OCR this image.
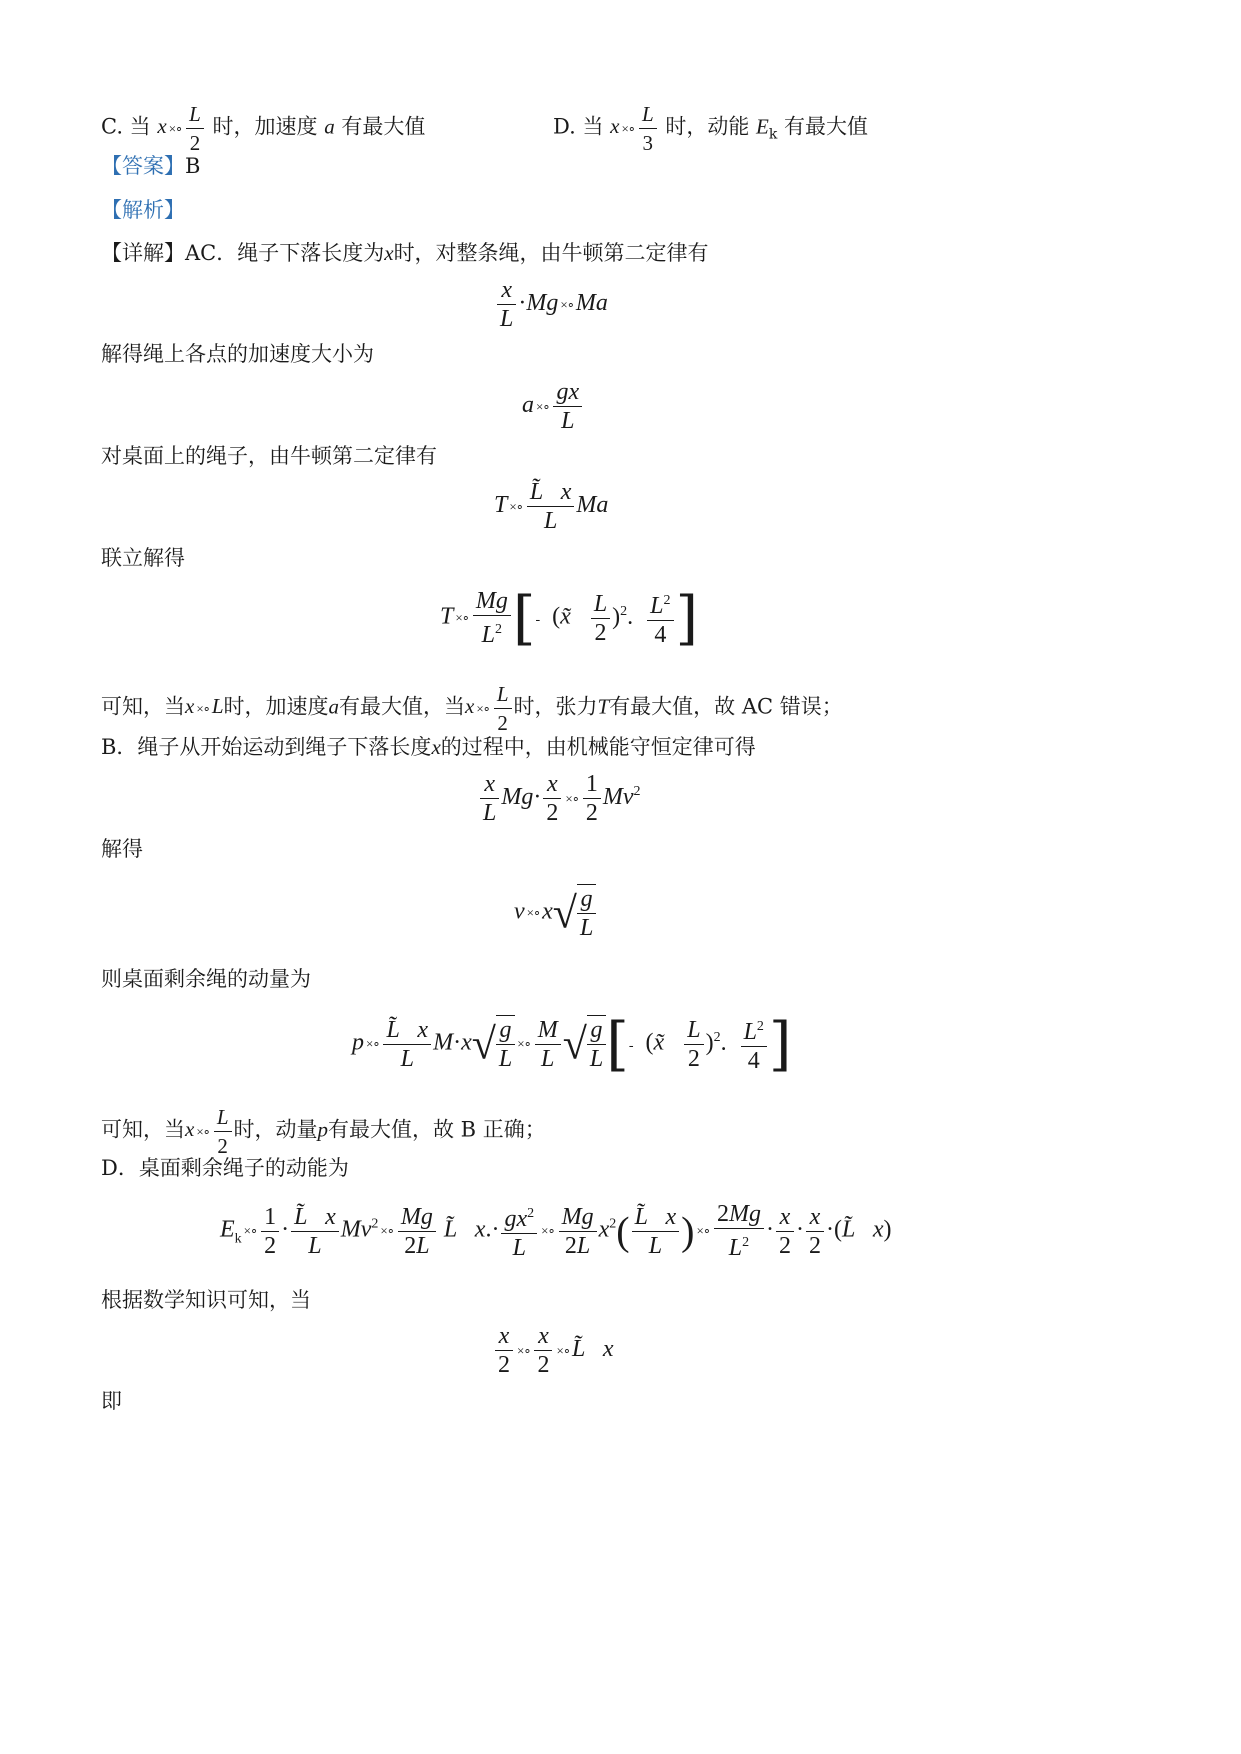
C. 当 x ×∘ $\frac{L}{2}$ 时，加速度 a 有最大值	D. 当 x ×∘ $\frac{L}{3}$ 时，动能 $E_k$ 有最大值
【答案】B
【解析】
【详解】AC．绳子下落长度为x时，对整条绳，由牛顿第二定律有
$\frac{x}{L} \cdot Mg$ ×∘Ma
解得绳上各点的加速度大小为
a ×∘ $\frac{gx}{L}$
对桌面上的绳子，由牛顿第二定律有
T ×∘ $\frac{L̃ x}{L}$ Ma
联立解得
T ×∘ $\frac{Mg}{L^2}$ [- (x̃ $\frac{L}{2} )^2$. $\frac{L^2}{4}$ ]
可知，当x ×∘L时，加速度a有最大值，当x ×∘ $\frac{L}{2}$ 时，张力T有最大值，故 AC 错误；
B．绳子从开始运动到绳子下落长度x的过程中，由机械能守恒定律可得
$\frac{x}{L} Mg\cdot \frac{x}{2}$ ×∘ $\frac{1}{2} Mv^2$
解得
v ×∘x√ $\frac{g}{L}$
则桌面剩余绳的动量为
p ×∘ $\frac{L̃ x}{L} M\cdot x√ \frac{g}{L}$ ×∘ $\frac{M}{L}$ √ $\frac{g}{L}$ [- (x̃ $\frac{L}{2} )^2$. $\frac{L^2}{4}$ ]
可知，当x ×∘ $\frac{L}{2}$ 时，动量p有最大值，故 B 正确；
D．桌面剩余绳子的动能为
$E_k\times\circ \frac{1}{2} \cdot \frac{L̃ x}{L} Mv^2$ ×∘ $\frac{Mg}{2L}$ L̃   $x.\cdot \frac{gx^2}{L}$ ×∘ $\frac{Mg}{2L} x^2( \frac{L̃ x}{L}$ ) ×∘ $\frac{2Mg}{L^2} \cdot \frac{x}{2} \cdot \frac{x}{2}$ ·(L̃   x)
根据数学知识可知，当
$\frac{x}{2}$ ×∘ $\frac{x}{2}$ ×∘L̃   x
即
